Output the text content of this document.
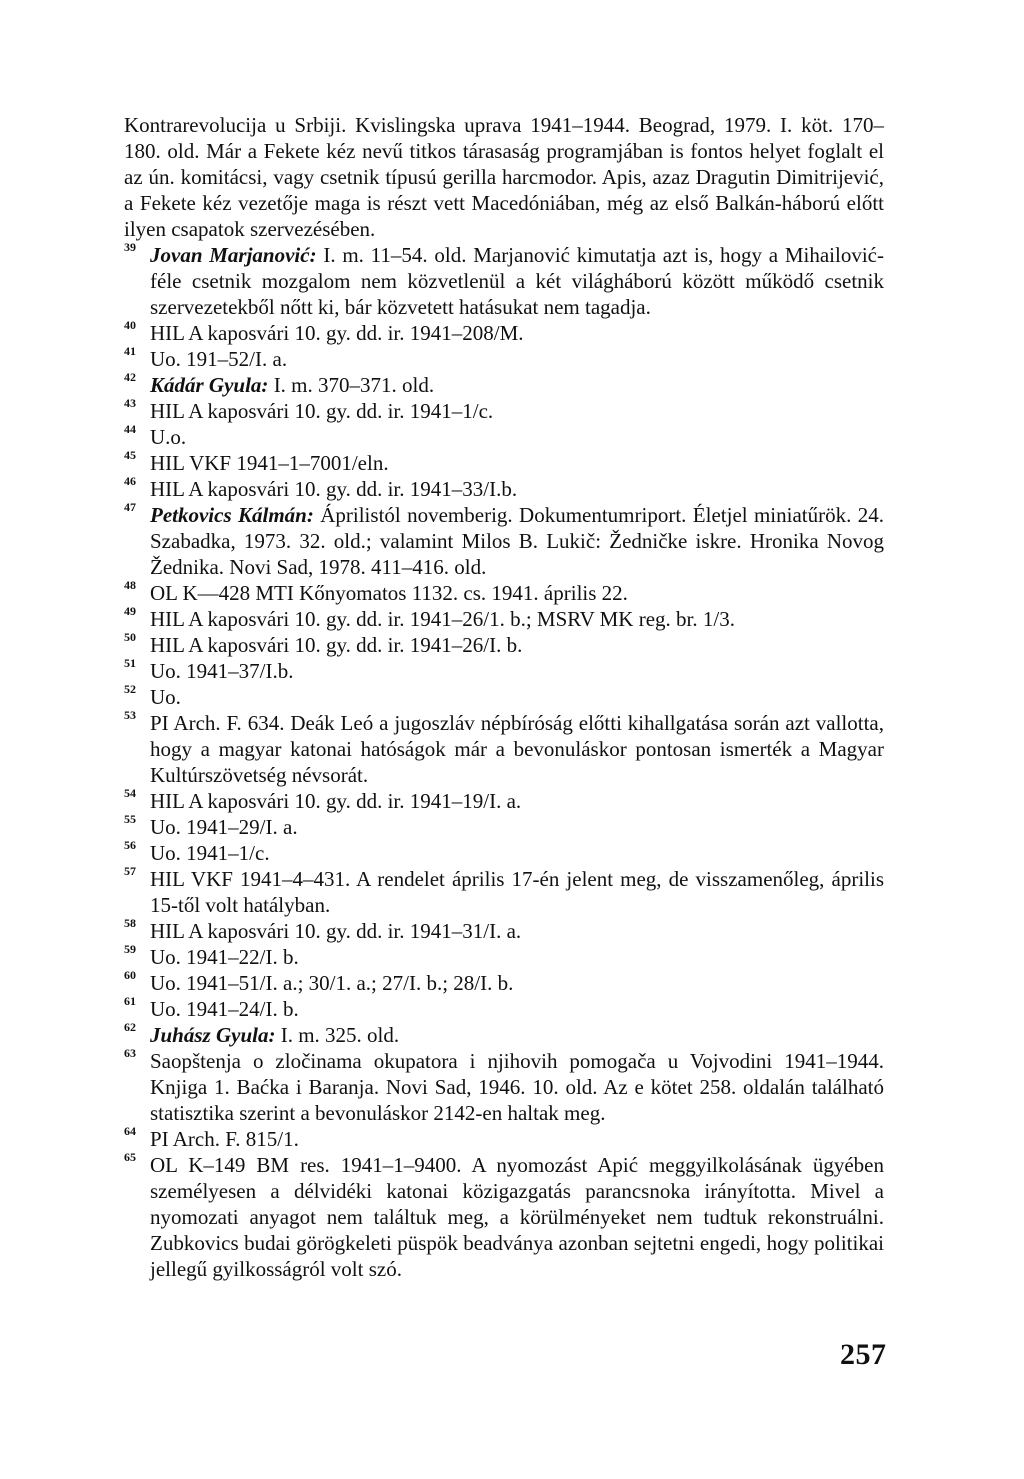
Kontrarevolucija u Srbiji. Kvislingska uprava 1941–1944. Beograd, 1979. I. köt. 170–180. old. Már a Fekete kéz nevű titkos tárasaság programjában is fontos helyet foglalt el az ún. komitácsi, vagy csetnik típusú gerilla harcmodor. Apis, azaz Dragutin Dimitrijević, a Fekete kéz vezetője maga is részt vett Macedóniában, még az első Balkán-háború előtt ilyen csapatok szervezésében.
39 Jovan Marjanović: I. m. 11–54. old. Marjanović kimutatja azt is, hogy a Mihailović-féle csetnik mozgalom nem közvetlenül a két világháború között működő csetnik szervezetekből nőtt ki, bár közvetett hatásukat nem tagadja.
40 HIL A kaposvári 10. gy. dd. ir. 1941–208/M.
41 Uo. 191–52/I. a.
42 Kádár Gyula: I. m. 370–371. old.
43 HIL A kaposvári 10. gy. dd. ir. 1941–1/c.
44 U.o.
45 HIL VKF 1941–1–7001/eln.
46 HIL A kaposvári 10. gy. dd. ir. 1941–33/I.b.
47 Petkovics Kálmán: Áprilistól novemberig. Dokumentumriport. Életjel miniatűrök. 24. Szabadka, 1973. 32. old.; valamint Milos B. Lukič: Žedničke iskre. Hronika Novog Žednika. Novi Sad, 1978. 411–416. old.
48 OL K—428 MTI Kőnyomatos 1132. cs. 1941. április 22.
49 HIL A kaposvári 10. gy. dd. ir. 1941–26/1. b.; MSRV MK reg. br. 1/3.
50 HIL A kaposvári 10. gy. dd. ir. 1941–26/I. b.
51 Uo. 1941–37/I.b.
52 Uo.
53 PI Arch. F. 634. Deák Leó a jugoszláv népbíróság előtti kihallgatása során azt vallotta, hogy a magyar katonai hatóságok már a bevonuláskor pontosan ismerték a Magyar Kultúrszövetség névsorát.
54 HIL A kaposvári 10. gy. dd. ir. 1941–19/I. a.
55 Uo. 1941–29/I. a.
56 Uo. 1941–1/c.
57 HIL VKF 1941–4–431. A rendelet április 17-én jelent meg, de visszamenőleg, április 15-től volt hatályban.
58 HIL A kaposvári 10. gy. dd. ir. 1941–31/I. a.
59 Uo. 1941–22/I. b.
60 Uo. 1941–51/I. a.; 30/1. a.; 27/I. b.; 28/I. b.
61 Uo. 1941–24/I. b.
62 Juhász Gyula: I. m. 325. old.
63 Saopštenja o zločinama okupatora i njihovih pomogača u Vojvodini 1941–1944. Knjiga 1. Baćka i Baranja. Novi Sad, 1946. 10. old. Az e kötet 258. oldalán található statisztika szerint a bevonuláskor 2142-en haltak meg.
64 PI Arch. F. 815/1.
65 OL K–149 BM res. 1941–1–9400. A nyomozást Apić meggyilkolásának ügyében személyesen a délvidéki katonai közigazgatás parancsnoka irányította. Mivel a nyomozati anyagot nem találtuk meg, a körülményeket nem tudtuk rekonstruálni. Zubkovics budai görögkeleti püspök beadványa azonban sejtetni engedi, hogy politikai jellegű gyilkosságról volt szó.
257
